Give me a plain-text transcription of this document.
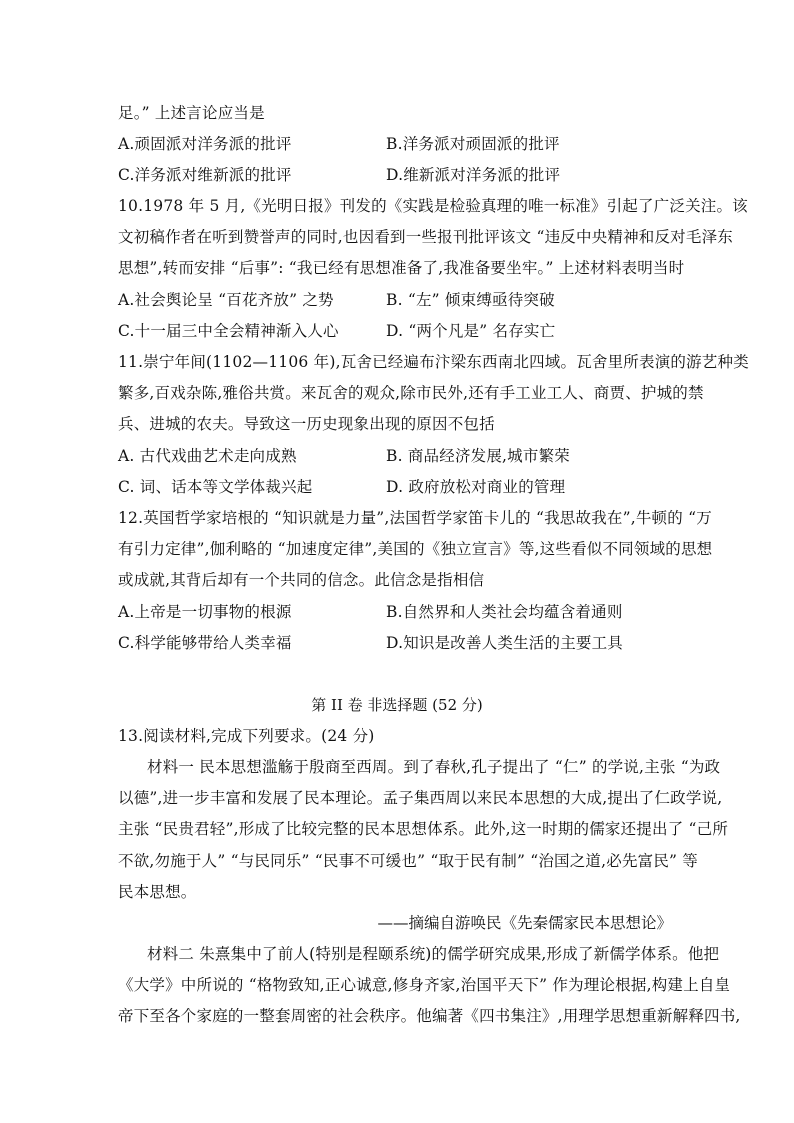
足。” 上述言论应当是
A.顽固派对洋务派的批评	B.洋务派对顽固派的批评
C.洋务派对维新派的批评	D.维新派对洋务派的批评
10.1978 年 5 月,《光明日报》刊发的《实践是检验真理的唯一标准》引起了广泛关注。该
文初稿作者在听到赞誉声的同时,也因看到一些报刊批评该文 “违反中央精神和反对毛泽东
思想”,转而安排 “后事”: “我已经有思想准备了,我准备要坐牢。” 上述材料表明当时
A.社会舆论呈 “百花齐放” 之势	B. “左” 倾束缚亟待突破
C.十一届三中全会精神渐入人心	D. “两个凡是” 名存实亡
11.崇宁年间(1102—1106 年),瓦舍已经遍布汴梁东西南北四域。瓦舍里所表演的游艺种类
繁多,百戏杂陈,雅俗共赏。来瓦舍的观众,除市民外,还有手工业工人、商贾、护城的禁
兵、进城的农夫。导致这一历史现象出现的原因不包括
A. 古代戏曲艺术走向成熟	B. 商品经济发展,城市繁荣
C. 词、话本等文学体裁兴起	D. 政府放松对商业的管理
12.英国哲学家培根的 “知识就是力量”,法国哲学家笛卡儿的 “我思故我在”,牛顿的 “万
有引力定律”,伽利略的 “加速度定律”,美国的《独立宣言》等,这些看似不同领域的思想
或成就,其背后却有一个共同的信念。此信念是指相信
A.上帝是一切事物的根源	B.自然界和人类社会均蕴含着通则
C.科学能够带给人类幸福	D.知识是改善人类生活的主要工具
第 II 卷 非选择题 (52 分)
13.阅读材料,完成下列要求。(24 分)
材料一 民本思想滥觞于殷商至西周。到了春秋,孔子提出了 “仁” 的学说,主张 “为政
以德”,进一步丰富和发展了民本理论。孟子集西周以来民本思想的大成,提出了仁政学说,
主张 “民贵君轻”,形成了比较完整的民本思想体系。此外,这一时期的儒家还提出了 “己所
不欲,勿施于人” “与民同乐” “民事不可缓也” “取于民有制” “治国之道,必先富民” 等
民本思想。
——摘编自游唤民《先秦儒家民本思想论》
材料二 朱熹集中了前人(特别是程颐系统)的儒学研究成果,形成了新儒学体系。他把
《大学》中所说的 “格物致知,正心诚意,修身齐家,治国平天下” 作为理论根据,构建上自皇
帝下至各个家庭的一整套周密的社会秩序。他编著《四书集注》,用理学思想重新解释四书,
